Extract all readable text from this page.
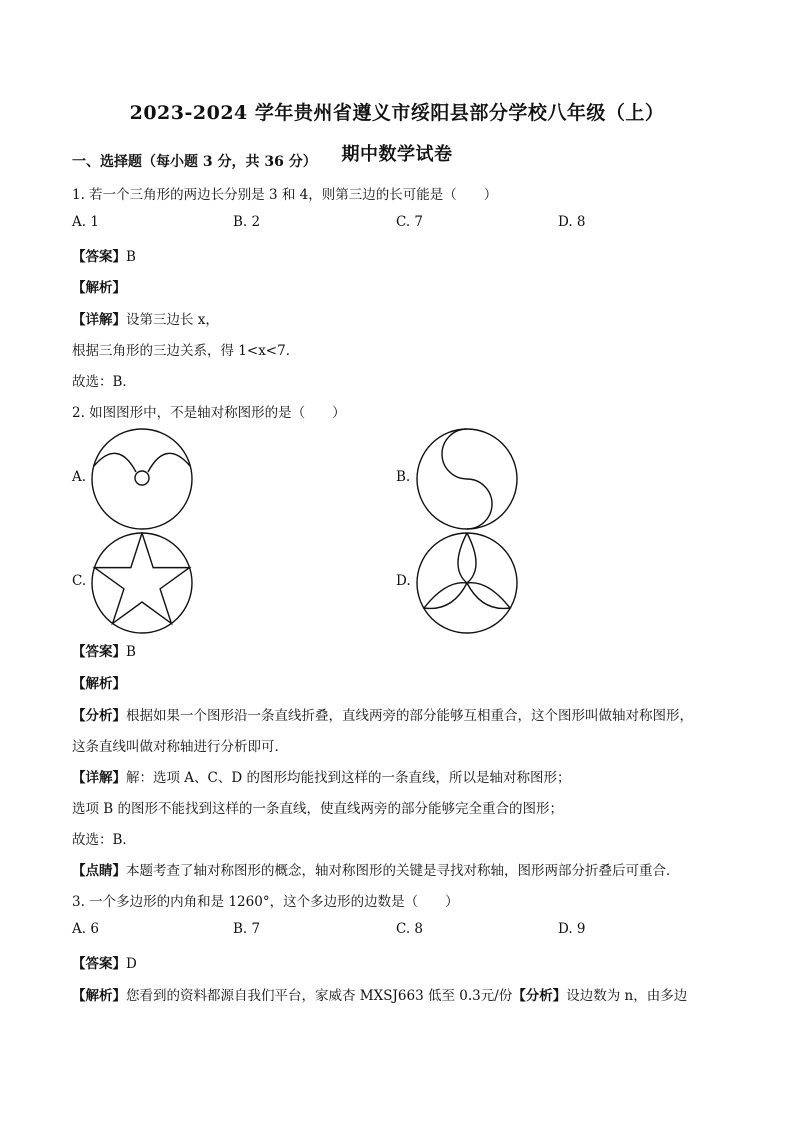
2023-2024 学年贵州省遵义市绥阳县部分学校八年级（上）
期中数学试卷
一、选择题（每小题 3 分，共 36 分）
1. 若一个三角形的两边长分别是 3 和 4，则第三边的长可能是（　　）
A. 1	B. 2	C. 7	D. 8
【答案】B
【解析】
【详解】设第三边长 x，
根据三角形的三边关系，得 1<x<7．
故选：B．
2. 如图图形中，不是轴对称图形的是（　　）
A.	B.
C.	D.
【答案】B
【解析】
【分析】根据如果一个图形沿一条直线折叠，直线两旁的部分能够互相重合，这个图形叫做轴对称图形，
这条直线叫做对称轴进行分析即可．
【详解】解：选项 A、C、D 的图形均能找到这样的一条直线，所以是轴对称图形；
选项 B 的图形不能找到这样的一条直线，使直线两旁的部分能够完全重合的图形；
故选：B．
【点睛】本题考查了轴对称图形的概念，轴对称图形的关键是寻找对称轴，图形两部分折叠后可重合．
3. 一个多边形的内角和是 1260°，这个多边形的边数是（　　）
A. 6	B. 7	C. 8	D. 9
【答案】D
【解析】您看到的资料都源自我们平台，家威杏 MXSJ663 低至 0.3元/份【分析】设边数为 n，由多边
